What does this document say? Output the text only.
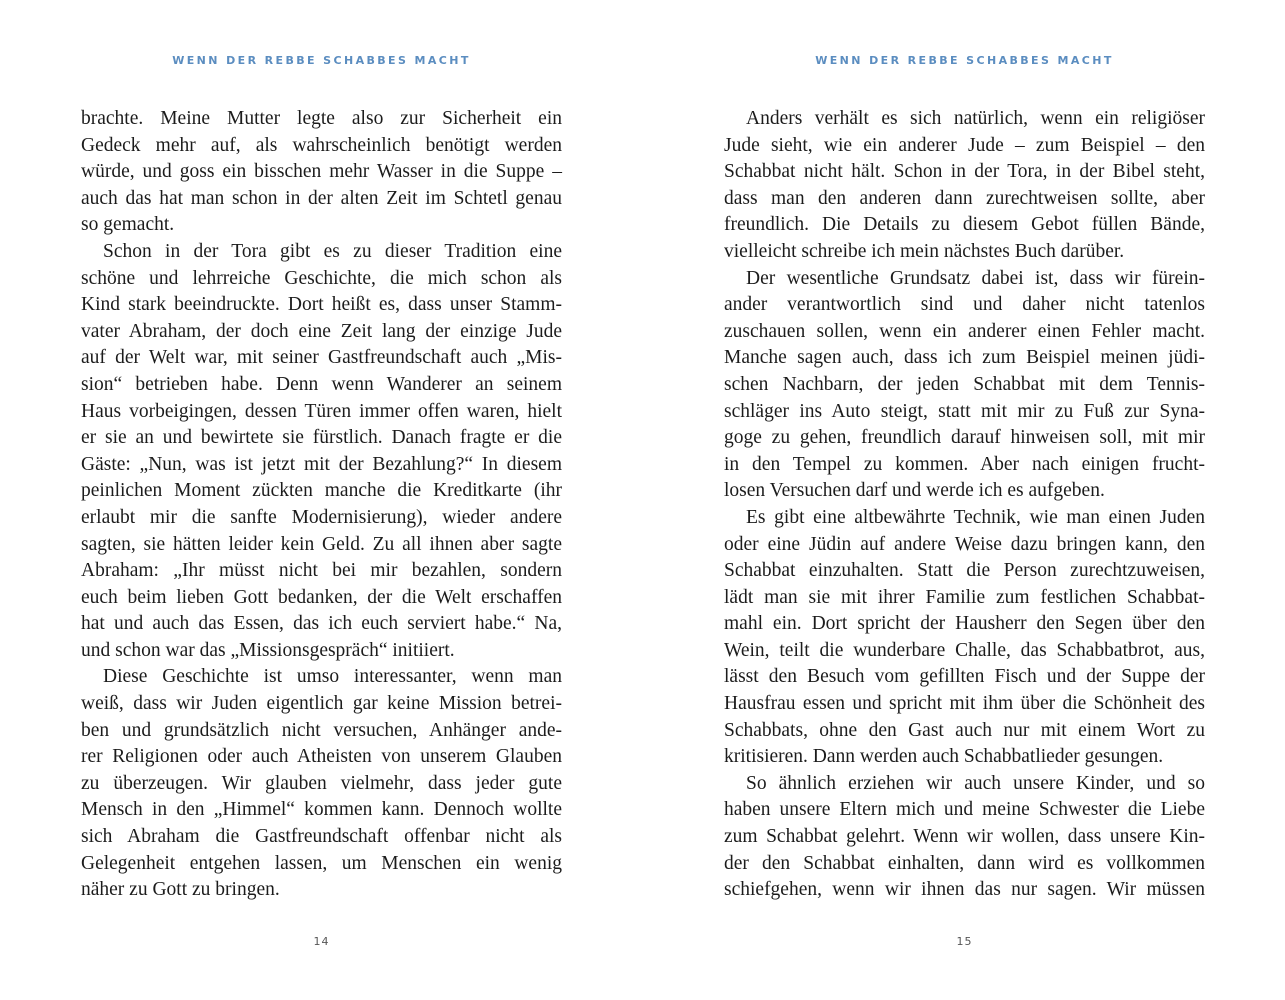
WENN DER REBBE SCHABBES MACHT
brachte. Meine Mutter legte also zur Sicherheit ein
Gedeck mehr auf, als wahrscheinlich benötigt werden
würde, und goss ein bisschen mehr Wasser in die Suppe –
auch das hat man schon in der alten Zeit im Schtetl genau
so gemacht.
Schon in der Tora gibt es zu dieser Tradition eine
schöne und lehrreiche Geschichte, die mich schon als
Kind stark beeindruckte. Dort heißt es, dass unser Stamm-
vater Abraham, der doch eine Zeit lang der einzige Jude
auf der Welt war, mit seiner Gastfreundschaft auch „Mis-
sion“ betrieben habe. Denn wenn Wanderer an seinem
Haus vorbeigingen, dessen Türen immer offen waren, hielt
er sie an und bewirtete sie fürstlich. Danach fragte er die
Gäste: „Nun, was ist jetzt mit der Bezahlung?“ In diesem
peinlichen Moment zückten manche die Kreditkarte (ihr
erlaubt mir die sanfte Modernisierung), wieder andere
sagten, sie hätten leider kein Geld. Zu all ihnen aber sagte
Abraham: „Ihr müsst nicht bei mir bezahlen, sondern
euch beim lieben Gott bedanken, der die Welt erschaffen
hat und auch das Essen, das ich euch serviert habe.“ Na,
und schon war das „Missionsgespräch“ initiiert.
Diese Geschichte ist umso interessanter, wenn man
weiß, dass wir Juden eigentlich gar keine Mission betrei-
ben und grundsätzlich nicht versuchen, Anhänger ande-
rer Religionen oder auch Atheisten von unserem Glauben
zu überzeugen. Wir glauben vielmehr, dass jeder gute
Mensch in den „Himmel“ kommen kann. Dennoch wollte
sich Abraham die Gastfreundschaft offenbar nicht als
Gelegenheit entgehen lassen, um Menschen ein wenig
näher zu Gott zu bringen.
14
WENN DER REBBE SCHABBES MACHT
Anders verhält es sich natürlich, wenn ein religiöser
Jude sieht, wie ein anderer Jude – zum Beispiel – den
Schabbat nicht hält. Schon in der Tora, in der Bibel steht,
dass man den anderen dann zurechtweisen sollte, aber
freundlich. Die Details zu diesem Gebot füllen Bände,
vielleicht schreibe ich mein nächstes Buch darüber.
Der wesentliche Grundsatz dabei ist, dass wir fürein-
ander verantwortlich sind und daher nicht tatenlos
zuschauen sollen, wenn ein anderer einen Fehler macht.
Manche sagen auch, dass ich zum Beispiel meinen jüdi-
schen Nachbarn, der jeden Schabbat mit dem Tennis-
schläger ins Auto steigt, statt mit mir zu Fuß zur Syna-
goge zu gehen, freundlich darauf hinweisen soll, mit mir
in den Tempel zu kommen. Aber nach einigen frucht-
losen Versuchen darf und werde ich es aufgeben.
Es gibt eine altbewährte Technik, wie man einen Juden
oder eine Jüdin auf andere Weise dazu bringen kann, den
Schabbat einzuhalten. Statt die Person zurechtzuweisen,
lädt man sie mit ihrer Familie zum festlichen Schabbat-
mahl ein. Dort spricht der Hausherr den Segen über den
Wein, teilt die wunderbare Challe, das Schabbatbrot, aus,
lässt den Besuch vom gefillten Fisch und der Suppe der
Hausfrau essen und spricht mit ihm über die Schönheit des
Schabbats, ohne den Gast auch nur mit einem Wort zu
kritisieren. Dann werden auch Schabbatlieder gesungen.
So ähnlich erziehen wir auch unsere Kinder, und so
haben unsere Eltern mich und meine Schwester die Liebe
zum Schabbat gelehrt. Wenn wir wollen, dass unsere Kin-
der den Schabbat einhalten, dann wird es vollkommen
schiefgehen, wenn wir ihnen das nur sagen. Wir müssen
15
